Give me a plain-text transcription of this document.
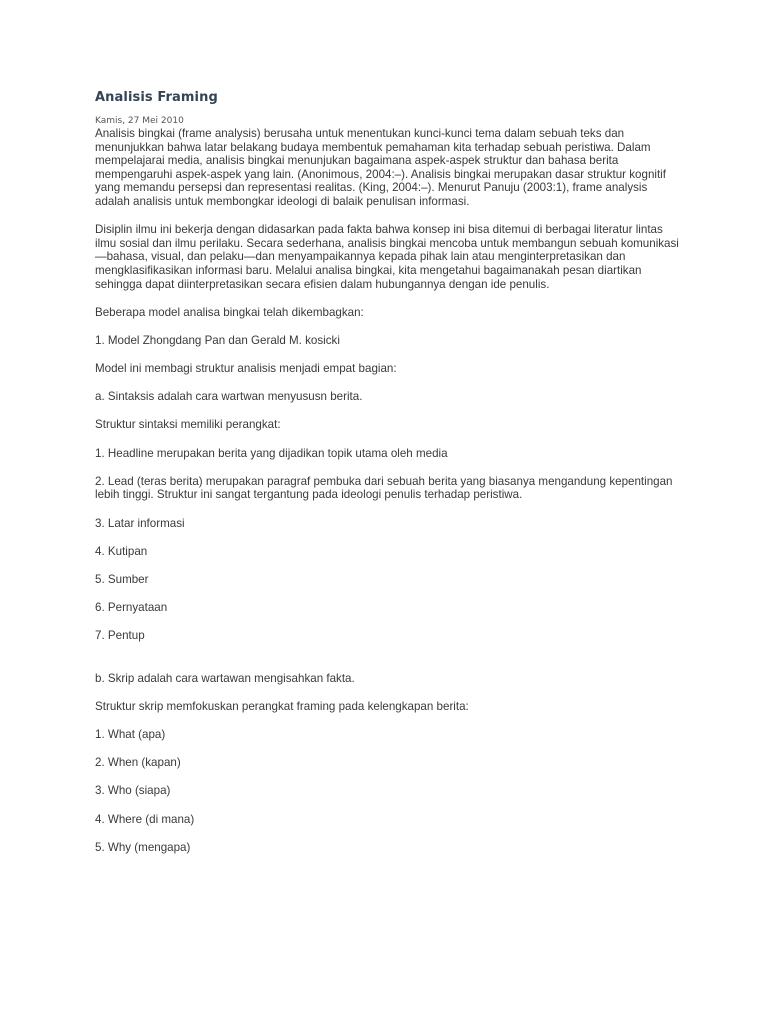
Analisis Framing
Kamis, 27 Mei 2010

Analisis bingkai (frame analysis) berusaha untuk menentukan kunci-kunci tema dalam sebuah teks dan menunjukkan bahwa latar belakang budaya membentuk pemahaman kita terhadap sebuah peristiwa. Dalam mempelajarai media, analisis bingkai menunjukan bagaimana aspek-aspek struktur dan bahasa berita mempengaruhi aspek-aspek yang lain. (Anonimous, 2004:–). Analisis bingkai merupakan dasar struktur kognitif yang memandu persepsi dan representasi realitas. (King, 2004:–). Menurut Panuju (2003:1), frame analysis adalah analisis untuk membongkar ideologi di balaik penulisan informasi.

Disiplin ilmu ini bekerja dengan didasarkan pada fakta bahwa konsep ini bisa ditemui di berbagai literatur lintas ilmu sosial dan ilmu perilaku. Secara sederhana, analisis bingkai mencoba untuk membangun sebuah komunikasi—bahasa, visual, dan pelaku—dan menyampaikannya kepada pihak lain atau menginterpretasikan dan mengklasifikasikan informasi baru. Melalui analisa bingkai, kita mengetahui bagaimanakah pesan diartikan sehingga dapat diinterpretasikan secara efisien dalam hubungannya dengan ide penulis.

Beberapa model analisa bingkai telah dikembagkan:

1. Model Zhongdang Pan dan Gerald M. kosicki

Model ini membagi struktur analisis menjadi empat bagian:

a. Sintaksis adalah cara wartwan menyususn berita.

Struktur sintaksi memiliki perangkat:

1. Headline merupakan berita yang dijadikan topik utama oleh media

2. Lead (teras berita) merupakan paragraf pembuka dari sebuah berita yang biasanya mengandung kepentingan lebih tinggi. Struktur ini sangat tergantung pada ideologi penulis terhadap peristiwa.

3. Latar informasi

4. Kutipan

5. Sumber

6. Pernyataan

7. Pentup

b. Skrip adalah cara wartawan mengisahkan fakta.

Struktur skrip memfokuskan perangkat framing pada kelengkapan berita:

1. What (apa)

2. When (kapan)

3. Who (siapa)

4. Where (di mana)

5. Why (mengapa)
